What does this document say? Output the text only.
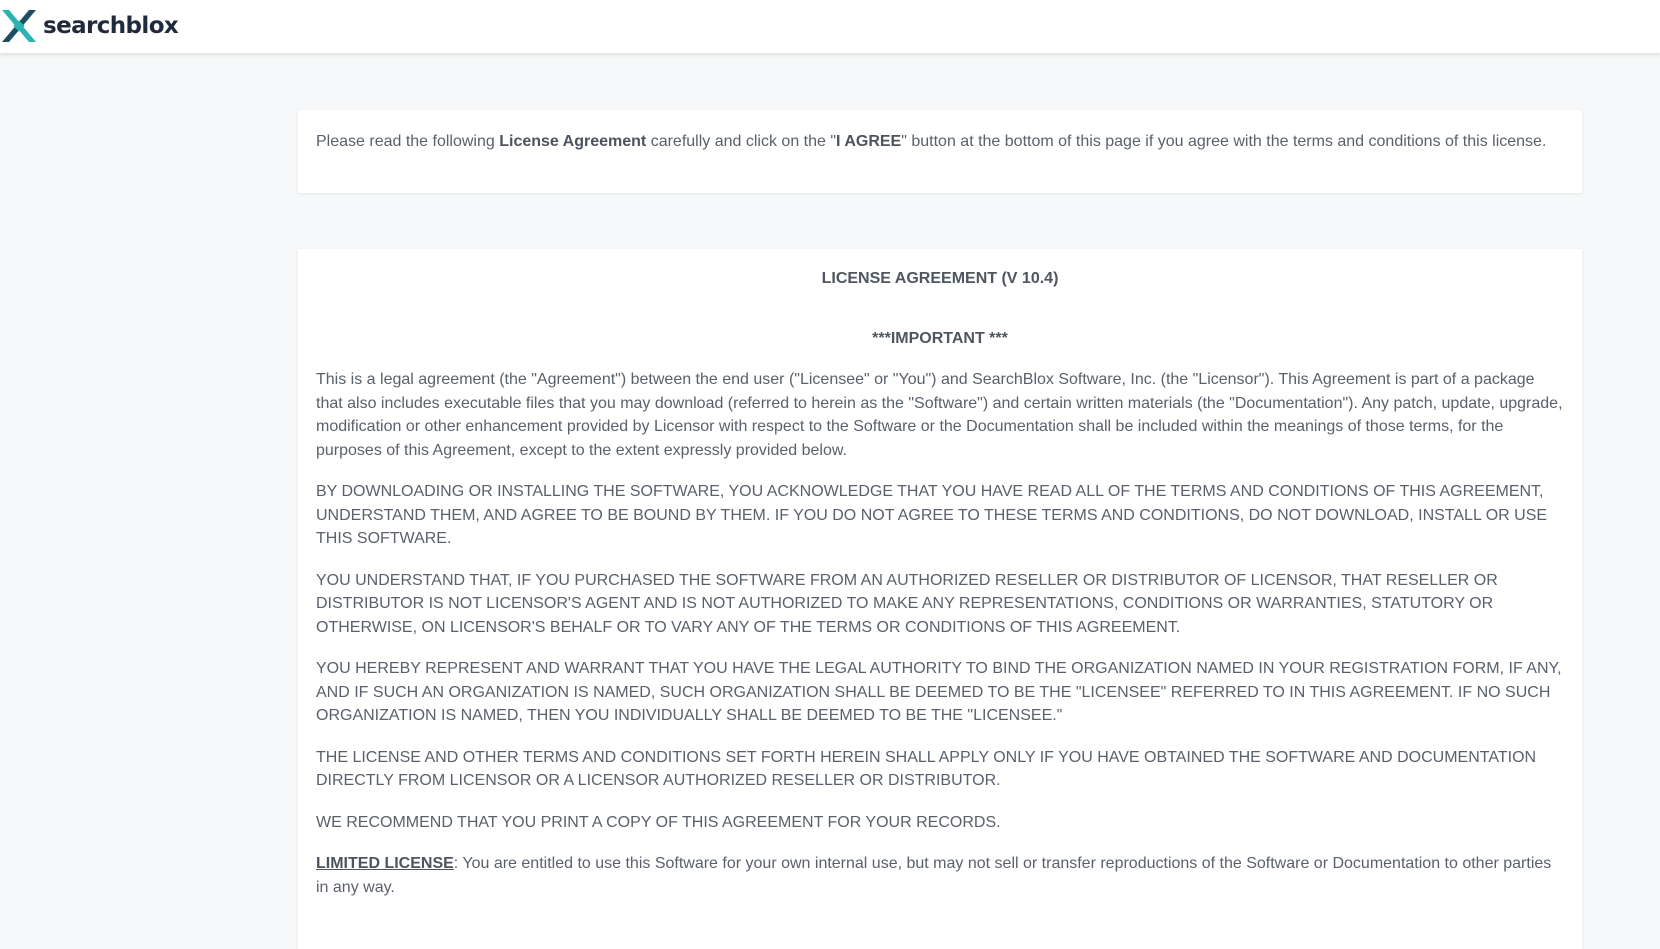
searchblox
Please read the following License Agreement carefully and click on the "I AGREE" button at the bottom of this page if you agree with the terms and conditions of this license.
LICENSE AGREEMENT (V 10.4)
***IMPORTANT ***

This is a legal agreement (the "Agreement") between the end user ("Licensee" or "You") and SearchBlox Software, Inc. (the "Licensor"). This Agreement is part of a package that also includes executable files that you may download (referred to herein as the "Software") and certain written materials (the "Documentation"). Any patch, update, upgrade, modification or other enhancement provided by Licensor with respect to the Software or the Documentation shall be included within the meanings of those terms, for the purposes of this Agreement, except to the extent expressly provided below.

BY DOWNLOADING OR INSTALLING THE SOFTWARE, YOU ACKNOWLEDGE THAT YOU HAVE READ ALL OF THE TERMS AND CONDITIONS OF THIS AGREEMENT, UNDERSTAND THEM, AND AGREE TO BE BOUND BY THEM. IF YOU DO NOT AGREE TO THESE TERMS AND CONDITIONS, DO NOT DOWNLOAD, INSTALL OR USE THIS SOFTWARE.

YOU UNDERSTAND THAT, IF YOU PURCHASED THE SOFTWARE FROM AN AUTHORIZED RESELLER OR DISTRIBUTOR OF LICENSOR, THAT RESELLER OR DISTRIBUTOR IS NOT LICENSOR'S AGENT AND IS NOT AUTHORIZED TO MAKE ANY REPRESENTATIONS, CONDITIONS OR WARRANTIES, STATUTORY OR OTHERWISE, ON LICENSOR'S BEHALF OR TO VARY ANY OF THE TERMS OR CONDITIONS OF THIS AGREEMENT.

YOU HEREBY REPRESENT AND WARRANT THAT YOU HAVE THE LEGAL AUTHORITY TO BIND THE ORGANIZATION NAMED IN YOUR REGISTRATION FORM, IF ANY, AND IF SUCH AN ORGANIZATION IS NAMED, SUCH ORGANIZATION SHALL BE DEEMED TO BE THE "LICENSEE" REFERRED TO IN THIS AGREEMENT. IF NO SUCH ORGANIZATION IS NAMED, THEN YOU INDIVIDUALLY SHALL BE DEEMED TO BE THE "LICENSEE."

THE LICENSE AND OTHER TERMS AND CONDITIONS SET FORTH HEREIN SHALL APPLY ONLY IF YOU HAVE OBTAINED THE SOFTWARE AND DOCUMENTATION DIRECTLY FROM LICENSOR OR A LICENSOR AUTHORIZED RESELLER OR DISTRIBUTOR.

WE RECOMMEND THAT YOU PRINT A COPY OF THIS AGREEMENT FOR YOUR RECORDS.

LIMITED LICENSE: You are entitled to use this Software for your own internal use, but may not sell or transfer reproductions of the Software or Documentation to other parties in any way.
